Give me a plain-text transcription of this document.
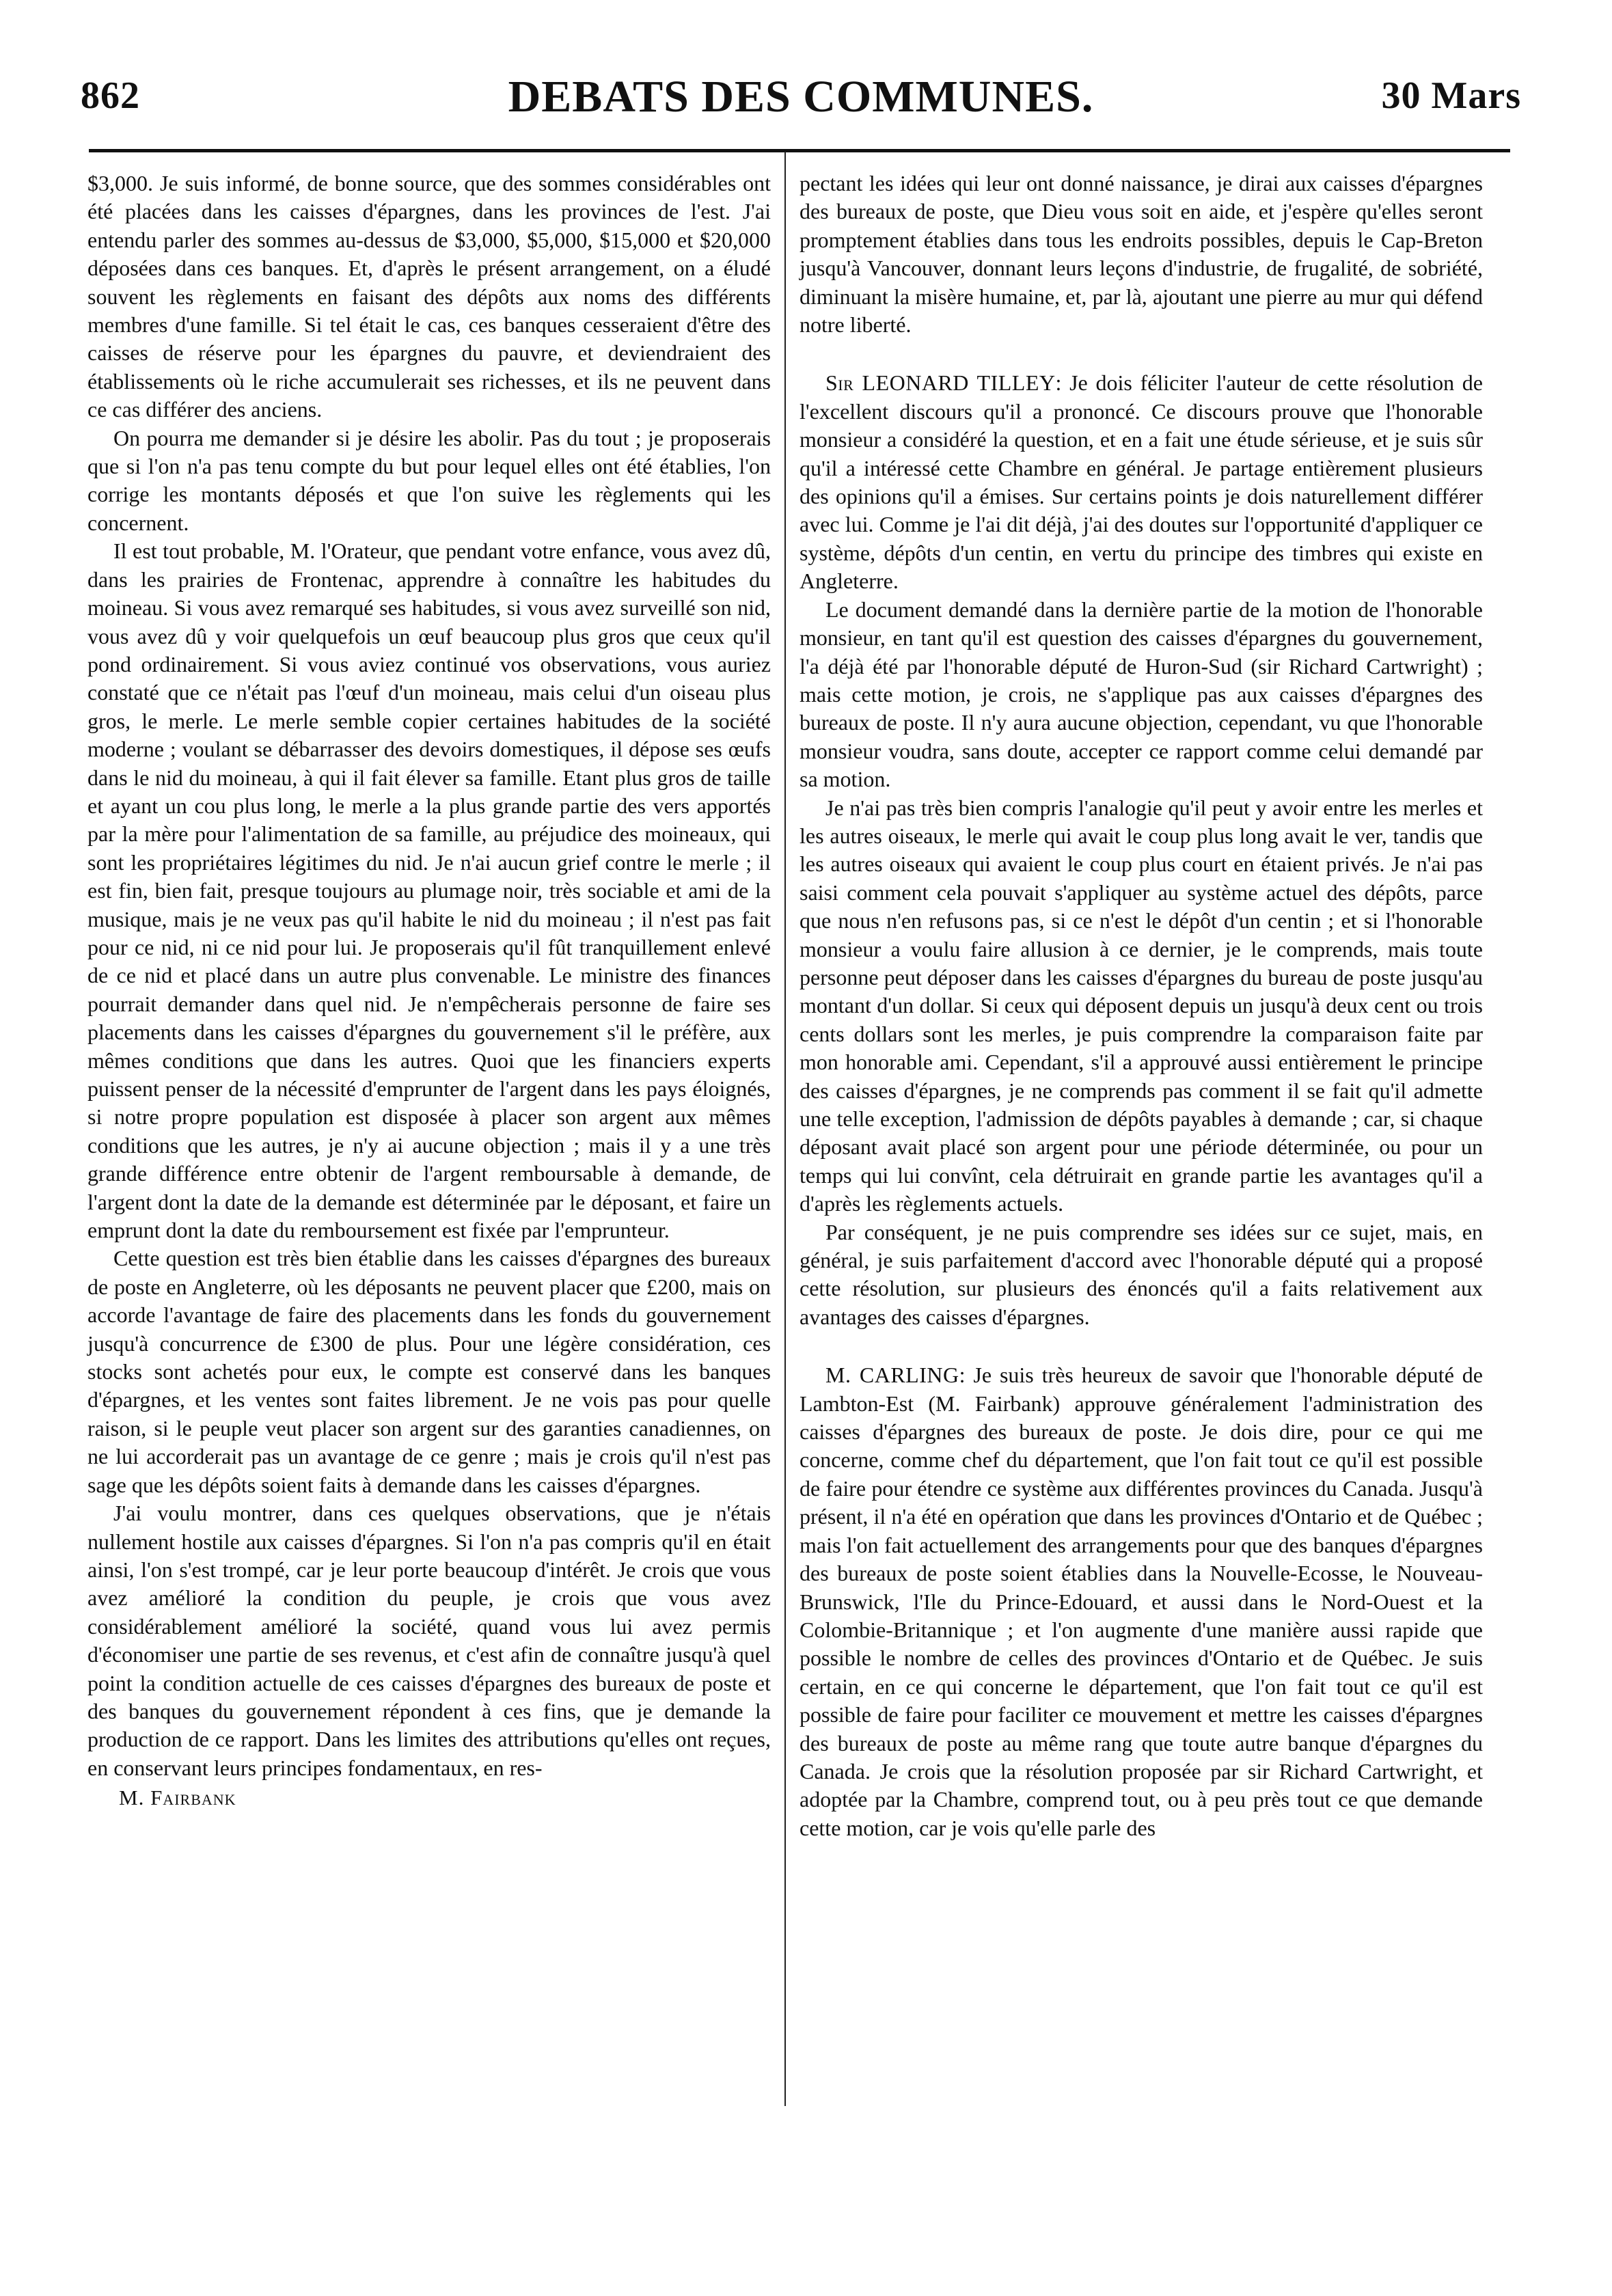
862	DEBATS DES COMMUNES.	30 Mars

$3,000. Je suis informé, de bonne source, que des sommes considérables ont été placées dans les caisses d'épargnes, dans les provinces de l'est. J'ai entendu parler des sommes au-dessus de $3,000, $5,000, $15,000 et $20,000 déposées dans ces banques. Et, d'après le présent arrangement, on a éludé souvent les règlements en faisant des dépôts aux noms des différents membres d'une famille. Si tel était le cas, ces banques cesseraient d'être des caisses de réserve pour les épargnes du pauvre, et deviendraient des établissements où le riche accumulerait ses richesses, et ils ne peuvent dans ce cas différer des anciens.

On pourra me demander si je désire les abolir. Pas du tout ; je proposerais que si l'on n'a pas tenu compte du but pour lequel elles ont été établies, l'on corrige les montants déposés et que l'on suive les règlements qui les concernent.

Il est tout probable, M. l'Orateur, que pendant votre enfance, vous avez dû, dans les prairies de Frontenac, apprendre à connaître les habitudes du moineau. Si vous avez remarqué ses habitudes, si vous avez surveillé son nid, vous avez dû y voir quelquefois un œuf beaucoup plus gros que ceux qu'il pond ordinairement. Si vous aviez continué vos observations, vous auriez constaté que ce n'était pas l'œuf d'un moineau, mais celui d'un oiseau plus gros, le merle. Le merle semble copier certaines habitudes de la société moderne ; voulant se débarrasser des devoirs domestiques, il dépose ses œufs dans le nid du moineau, à qui il fait élever sa famille. Etant plus gros de taille et ayant un cou plus long, le merle a la plus grande partie des vers apportés par la mère pour l'alimentation de sa famille, au préjudice des moineaux, qui sont les propriétaires légitimes du nid. Je n'ai aucun grief contre le merle ; il est fin, bien fait, presque toujours au plumage noir, très sociable et ami de la musique, mais je ne veux pas qu'il habite le nid du moineau ; il n'est pas fait pour ce nid, ni ce nid pour lui. Je proposerais qu'il fût tranquillement enlevé de ce nid et placé dans un autre plus convenable. Le ministre des finances pourrait demander dans quel nid. Je n'empêcherais personne de faire ses placements dans les caisses d'épargnes du gouvernement s'il le préfère, aux mêmes conditions que dans les autres. Quoi que les financiers experts puissent penser de la nécessité d'emprunter de l'argent dans les pays éloignés, si notre propre population est disposée à placer son argent aux mêmes conditions que les autres, je n'y ai aucune objection ; mais il y a une très grande différence entre obtenir de l'argent remboursable à demande, de l'argent dont la date de la demande est déterminée par le déposant, et faire un emprunt dont la date du remboursement est fixée par l'emprunteur.

Cette question est très bien établie dans les caisses d'épargnes des bureaux de poste en Angleterre, où les déposants ne peuvent placer que £200, mais on accorde l'avantage de faire des placements dans les fonds du gouvernement jusqu'à concurrence de £300 de plus. Pour une légère considération, ces stocks sont achetés pour eux, le compte est conservé dans les banques d'épargnes, et les ventes sont faites librement. Je ne vois pas pour quelle raison, si le peuple veut placer son argent sur des garanties canadiennes, on ne lui accorderait pas un avantage de ce genre ; mais je crois qu'il n'est pas sage que les dépôts soient faits à demande dans les caisses d'épargnes.

J'ai voulu montrer, dans ces quelques observations, que je n'étais nullement hostile aux caisses d'épargnes. Si l'on n'a pas compris qu'il en était ainsi, l'on s'est trompé, car je leur porte beaucoup d'intérêt. Je crois que vous avez amélioré la condition du peuple, je crois que vous avez considérablement amélioré la société, quand vous lui avez permis d'économiser une partie de ses revenus, et c'est afin de connaître jusqu'à quel point la condition actuelle de ces caisses d'épargnes des bureaux de poste et des banques du gouvernement répondent à ces fins, que je demande la production de ce rapport. Dans les limites des attributions qu'elles ont reçues, en conservant leurs principes fondamentaux, en res-

M. Fairbank

pectant les idées qui leur ont donné naissance, je dirai aux caisses d'épargnes des bureaux de poste, que Dieu vous soit en aide, et j'espère qu'elles seront promptement établies dans tous les endroits possibles, depuis le Cap-Breton jusqu'à Vancouver, donnant leurs leçons d'industrie, de frugalité, de sobriété, diminuant la misère humaine, et, par là, ajoutant une pierre au mur qui défend notre liberté.

Sir LEONARD TILLEY: Je dois féliciter l'auteur de cette résolution de l'excellent discours qu'il a prononcé. Ce discours prouve que l'honorable monsieur a considéré la question, et en a fait une étude sérieuse, et je suis sûr qu'il a intéressé cette Chambre en général. Je partage entièrement plusieurs des opinions qu'il a émises. Sur certains points je dois naturellement différer avec lui. Comme je l'ai dit déjà, j'ai des doutes sur l'opportunité d'appliquer ce système, dépôts d'un centin, en vertu du principe des timbres qui existe en Angleterre.

Le document demandé dans la dernière partie de la motion de l'honorable monsieur, en tant qu'il est question des caisses d'épargnes du gouvernement, l'a déjà été par l'honorable député de Huron-Sud (sir Richard Cartwright) ; mais cette motion, je crois, ne s'applique pas aux caisses d'épargnes des bureaux de poste. Il n'y aura aucune objection, cependant, vu que l'honorable monsieur voudra, sans doute, accepter ce rapport comme celui demandé par sa motion.

Je n'ai pas très bien compris l'analogie qu'il peut y avoir entre les merles et les autres oiseaux, le merle qui avait le coup plus long avait le ver, tandis que les autres oiseaux qui avaient le coup plus court en étaient privés. Je n'ai pas saisi comment cela pouvait s'appliquer au système actuel des dépôts, parce que nous n'en refusons pas, si ce n'est le dépôt d'un centin ; et si l'honorable monsieur a voulu faire allusion à ce dernier, je le comprends, mais toute personne peut déposer dans les caisses d'épargnes du bureau de poste jusqu'au montant d'un dollar. Si ceux qui déposent depuis un jusqu'à deux cent ou trois cents dollars sont les merles, je puis comprendre la comparaison faite par mon honorable ami. Cependant, s'il a approuvé aussi entièrement le principe des caisses d'épargnes, je ne comprends pas comment il se fait qu'il admette une telle exception, l'admission de dépôts payables à demande ; car, si chaque déposant avait placé son argent pour une période déterminée, ou pour un temps qui lui convînt, cela détruirait en grande partie les avantages qu'il a d'après les règlements actuels.

Par conséquent, je ne puis comprendre ses idées sur ce sujet, mais, en général, je suis parfaitement d'accord avec l'honorable député qui a proposé cette résolution, sur plusieurs des énoncés qu'il a faits relativement aux avantages des caisses d'épargnes.

M. CARLING: Je suis très heureux de savoir que l'honorable député de Lambton-Est (M. Fairbank) approuve généralement l'administration des caisses d'épargnes des bureaux de poste. Je dois dire, pour ce qui me concerne, comme chef du département, que l'on fait tout ce qu'il est possible de faire pour étendre ce système aux différentes provinces du Canada. Jusqu'à présent, il n'a été en opération que dans les provinces d'Ontario et de Québec ; mais l'on fait actuellement des arrangements pour que des banques d'épargnes des bureaux de poste soient établies dans la Nouvelle-Ecosse, le Nouveau-Brunswick, l'Ile du Prince-Edouard, et aussi dans le Nord-Ouest et la Colombie-Britannique ; et l'on augmente d'une manière aussi rapide que possible le nombre de celles des provinces d'Ontario et de Québec. Je suis certain, en ce qui concerne le département, que l'on fait tout ce qu'il est possible de faire pour faciliter ce mouvement et mettre les caisses d'épargnes des bureaux de poste au même rang que toute autre banque d'épargnes du Canada. Je crois que la résolution proposée par sir Richard Cartwright, et adoptée par la Chambre, comprend tout, ou à peu près tout ce que demande cette motion, car je vois qu'elle parle des
